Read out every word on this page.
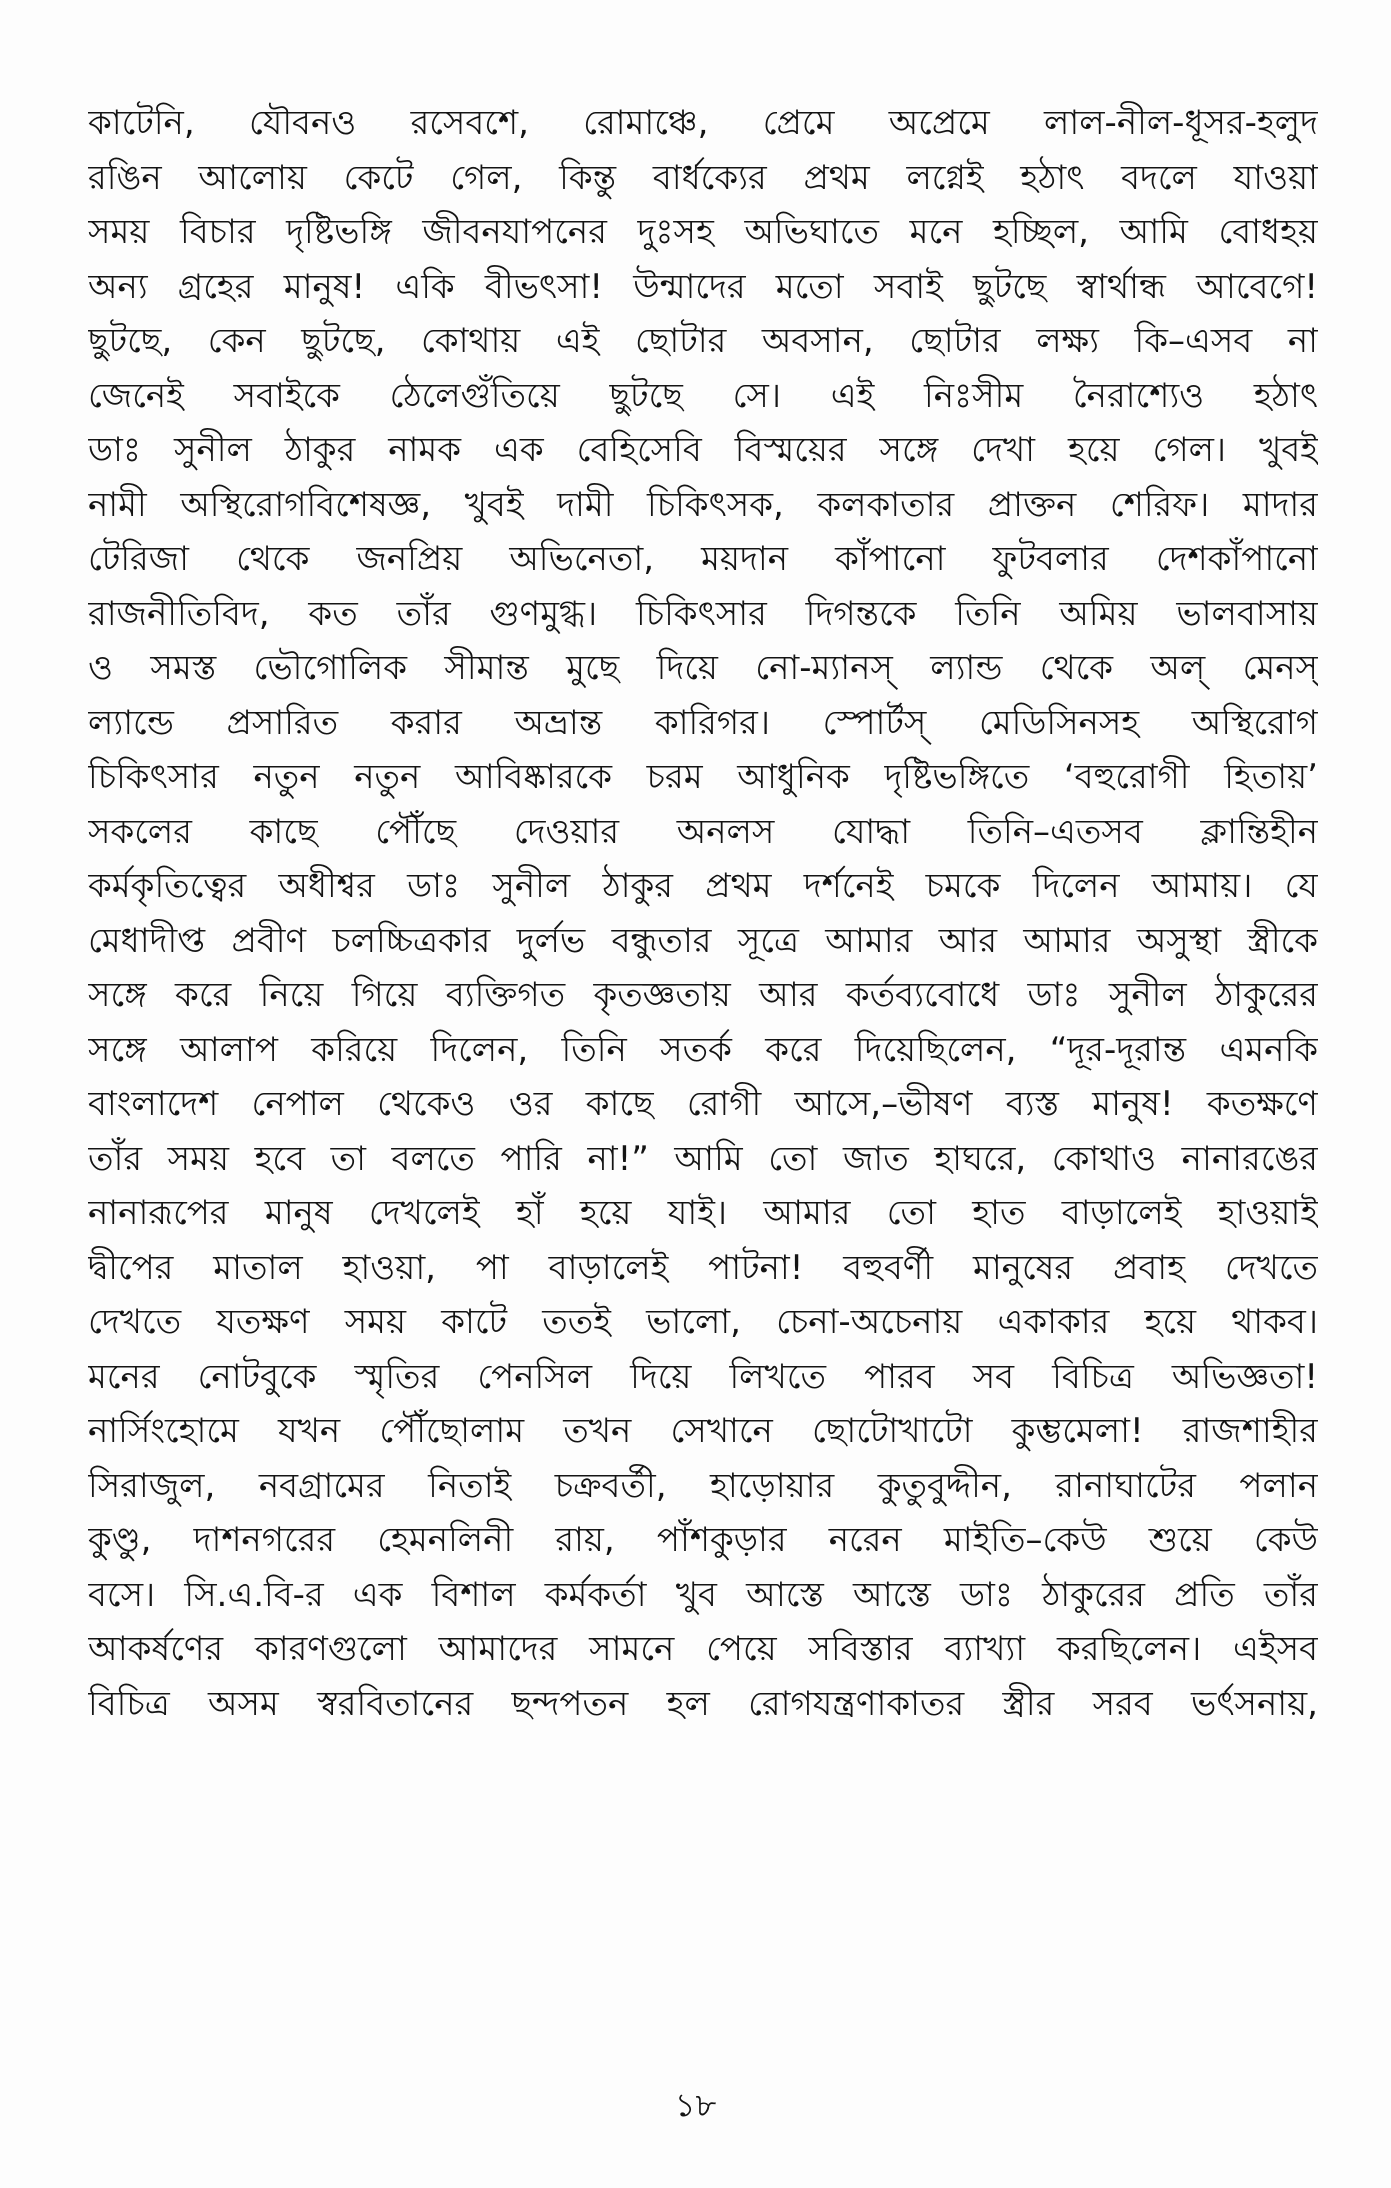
কাটেনি, যৌবনও রসেবশে, রোমাঞ্চে, প্রেমে অপ্রেমে লাল-নীল-ধূসর-হলুদ
রঙিন আলোয় কেটে গেল, কিন্তু বার্ধক্যের প্রথম লগ্নেই হঠাৎ বদলে যাওয়া
সময় বিচার দৃষ্টিভঙ্গি জীবনযাপনের দুঃসহ অভিঘাতে মনে হচ্ছিল, আমি বোধহয়
অন্য গ্রহের মানুষ! একি বীভৎসা! উন্মাদের মতো সবাই ছুটছে স্বার্থান্ধ আবেগে!
ছুটছে, কেন ছুটছে, কোথায় এই ছোটার অবসান, ছোটার লক্ষ্য কি–এসব না
জেনেই সবাইকে ঠেলেগুঁতিয়ে ছুটছে সে। এই নিঃসীম নৈরাশ্যেও হঠাৎ
ডাঃ সুনীল ঠাকুর নামক এক বেহিসেবি বিস্ময়ের সঙ্গে দেখা হয়ে গেল। খুবই
নামী অস্থিরোগবিশেষজ্ঞ, খুবই দামী চিকিৎসক, কলকাতার প্রাক্তন শেরিফ। মাদার
টেরিজা থেকে জনপ্রিয় অভিনেতা, ময়দান কাঁপানো ফুটবলার দেশকাঁপানো
রাজনীতিবিদ, কত তাঁর গুণমুগ্ধ। চিকিৎসার দিগন্তকে তিনি অমিয় ভালবাসায়
ও সমস্ত ভৌগোলিক সীমান্ত মুছে দিয়ে নো-ম্যানস্ ল্যান্ড থেকে অল্ মেনস্
ল্যান্ডে প্রসারিত করার অভ্রান্ত কারিগর। স্পোর্টস্ মেডিসিনসহ অস্থিরোগ
চিকিৎসার নতুন নতুন আবিষ্কারকে চরম আধুনিক দৃষ্টিভঙ্গিতে ‘বহুরোগী হিতায়’
সকলের কাছে পৌঁছে দেওয়ার অনলস যোদ্ধা তিনি–এতসব ক্লান্তিহীন
কর্মকৃতিত্বের অধীশ্বর ডাঃ সুনীল ঠাকুর প্রথম দর্শনেই চমকে দিলেন আমায়। যে
মেধাদীপ্ত প্রবীণ চলচ্চিত্রকার দুর্লভ বন্ধুতার সূত্রে আমার আর আমার অসুস্থা স্ত্রীকে
সঙ্গে করে নিয়ে গিয়ে ব্যক্তিগত কৃতজ্ঞতায় আর কর্তব্যবোধে ডাঃ সুনীল ঠাকুরের
সঙ্গে আলাপ করিয়ে দিলেন, তিনি সতর্ক করে দিয়েছিলেন, “দূর-দূরান্ত এমনকি
বাংলাদেশ নেপাল থেকেও ওর কাছে রোগী আসে,–ভীষণ ব্যস্ত মানুষ! কতক্ষণে
তাঁর সময় হবে তা বলতে পারি না!” আমি তো জাত হাঘরে, কোথাও নানারঙের
নানারূপের মানুষ দেখলেই হাঁ হয়ে যাই। আমার তো হাত বাড়ালেই হাওয়াই
দ্বীপের মাতাল হাওয়া, পা বাড়ালেই পাটনা! বহুবর্ণী মানুষের প্রবাহ দেখতে
দেখতে যতক্ষণ সময় কাটে ততই ভালো, চেনা-অচেনায় একাকার হয়ে থাকব।
মনের নোটবুকে স্মৃতির পেনসিল দিয়ে লিখতে পারব সব বিচিত্র অভিজ্ঞতা!
নার্সিংহোমে যখন পৌঁছোলাম তখন সেখানে ছোটোখাটো কুম্ভমেলা! রাজশাহীর
সিরাজুল, নবগ্রামের নিতাই চক্রবর্তী, হাড়োয়ার কুতুবুদ্দীন, রানাঘাটের পলান
কুণ্ডু, দাশনগরের হেমনলিনী রায়, পাঁশকুড়ার নরেন মাইতি–কেউ শুয়ে কেউ
বসে। সি.এ.বি-র এক বিশাল কর্মকর্তা খুব আস্তে আস্তে ডাঃ ঠাকুরের প্রতি তাঁর
আকর্ষণের কারণগুলো আমাদের সামনে পেয়ে সবিস্তার ব্যাখ্যা করছিলেন। এইসব
বিচিত্র অসম স্বরবিতানের ছন্দপতন হল রোগযন্ত্রণাকাতর স্ত্রীর সরব ভর্ৎসনায়,
১৮
